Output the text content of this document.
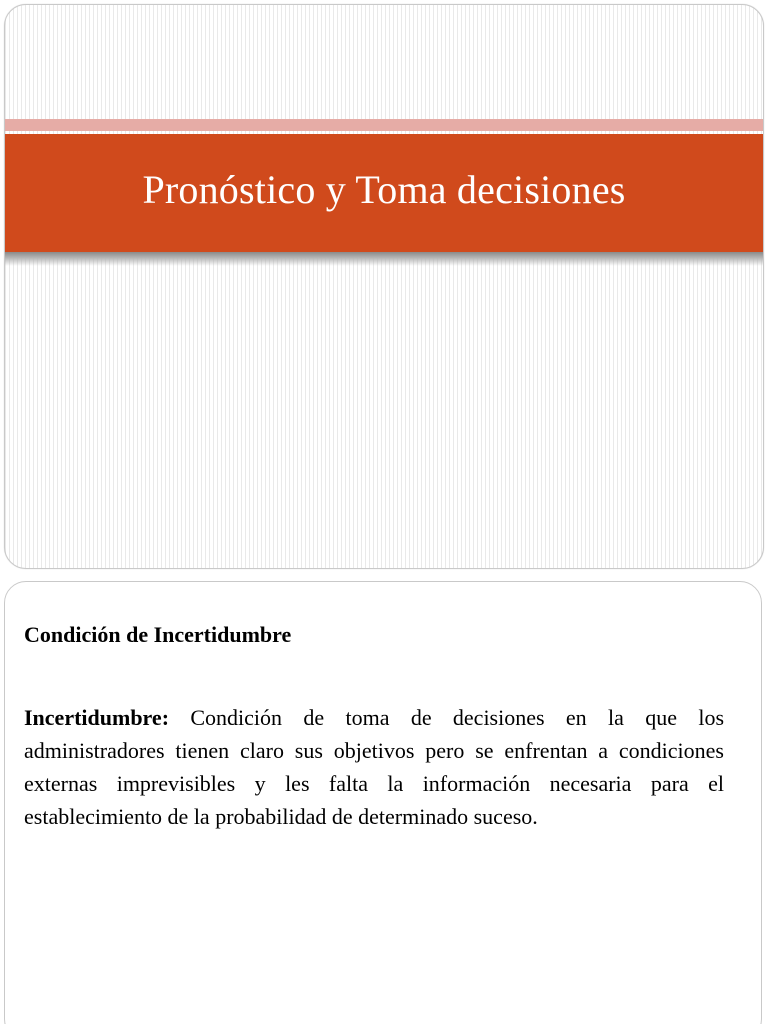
Pronóstico y Toma decisiones
Condición de Incertidumbre
Incertidumbre: Condición de toma de decisiones en la que los administradores tienen claro sus objetivos pero se enfrentan a condiciones externas imprevisibles y les falta la información necesaria para el establecimiento de la probabilidad de determinado suceso.
